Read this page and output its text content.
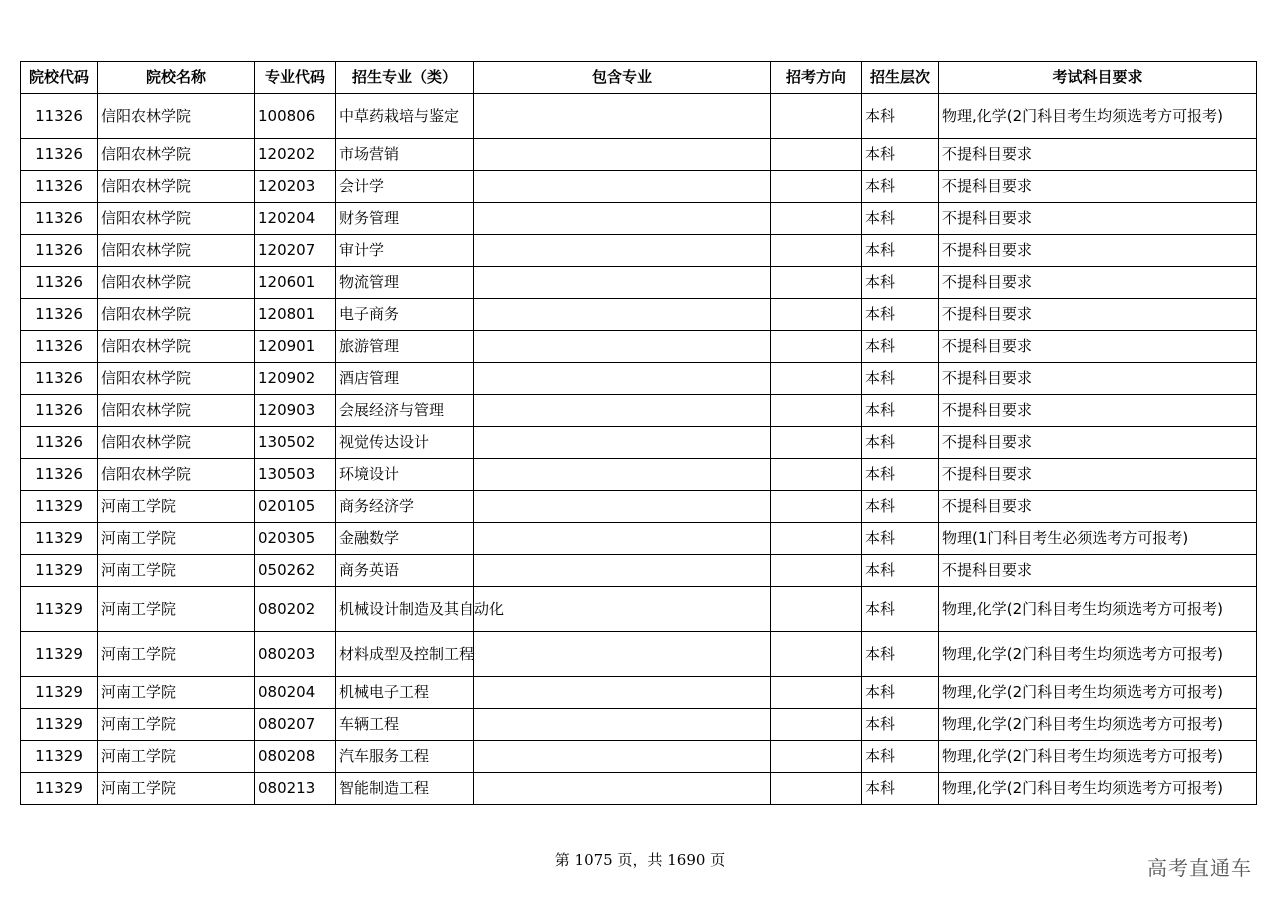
院校代码	院校名称	专业代码	招生专业（类）	包含专业	招考方向	招生层次	考试科目要求
11326	信阳农林学院	100806	中草药栽培与鉴定			本科	物理,化学(2门科目考生均须选考方可报考)
11326	信阳农林学院	120202	市场营销			本科	不提科目要求
11326	信阳农林学院	120203	会计学			本科	不提科目要求
11326	信阳农林学院	120204	财务管理			本科	不提科目要求
11326	信阳农林学院	120207	审计学			本科	不提科目要求
11326	信阳农林学院	120601	物流管理			本科	不提科目要求
11326	信阳农林学院	120801	电子商务			本科	不提科目要求
11326	信阳农林学院	120901	旅游管理			本科	不提科目要求
11326	信阳农林学院	120902	酒店管理			本科	不提科目要求
11326	信阳农林学院	120903	会展经济与管理			本科	不提科目要求
11326	信阳农林学院	130502	视觉传达设计			本科	不提科目要求
11326	信阳农林学院	130503	环境设计			本科	不提科目要求
11329	河南工学院	020105	商务经济学			本科	不提科目要求
11329	河南工学院	020305	金融数学			本科	物理(1门科目考生必须选考方可报考)
11329	河南工学院	050262	商务英语			本科	不提科目要求
11329	河南工学院	080202	机械设计制造及其自动化			本科	物理,化学(2门科目考生均须选考方可报考)
11329	河南工学院	080203	材料成型及控制工程			本科	物理,化学(2门科目考生均须选考方可报考)
11329	河南工学院	080204	机械电子工程			本科	物理,化学(2门科目考生均须选考方可报考)
11329	河南工学院	080207	车辆工程			本科	物理,化学(2门科目考生均须选考方可报考)
11329	河南工学院	080208	汽车服务工程			本科	物理,化学(2门科目考生均须选考方可报考)
11329	河南工学院	080213	智能制造工程			本科	物理,化学(2门科目考生均须选考方可报考)
第 1075 页，共 1690 页	高考直通车
